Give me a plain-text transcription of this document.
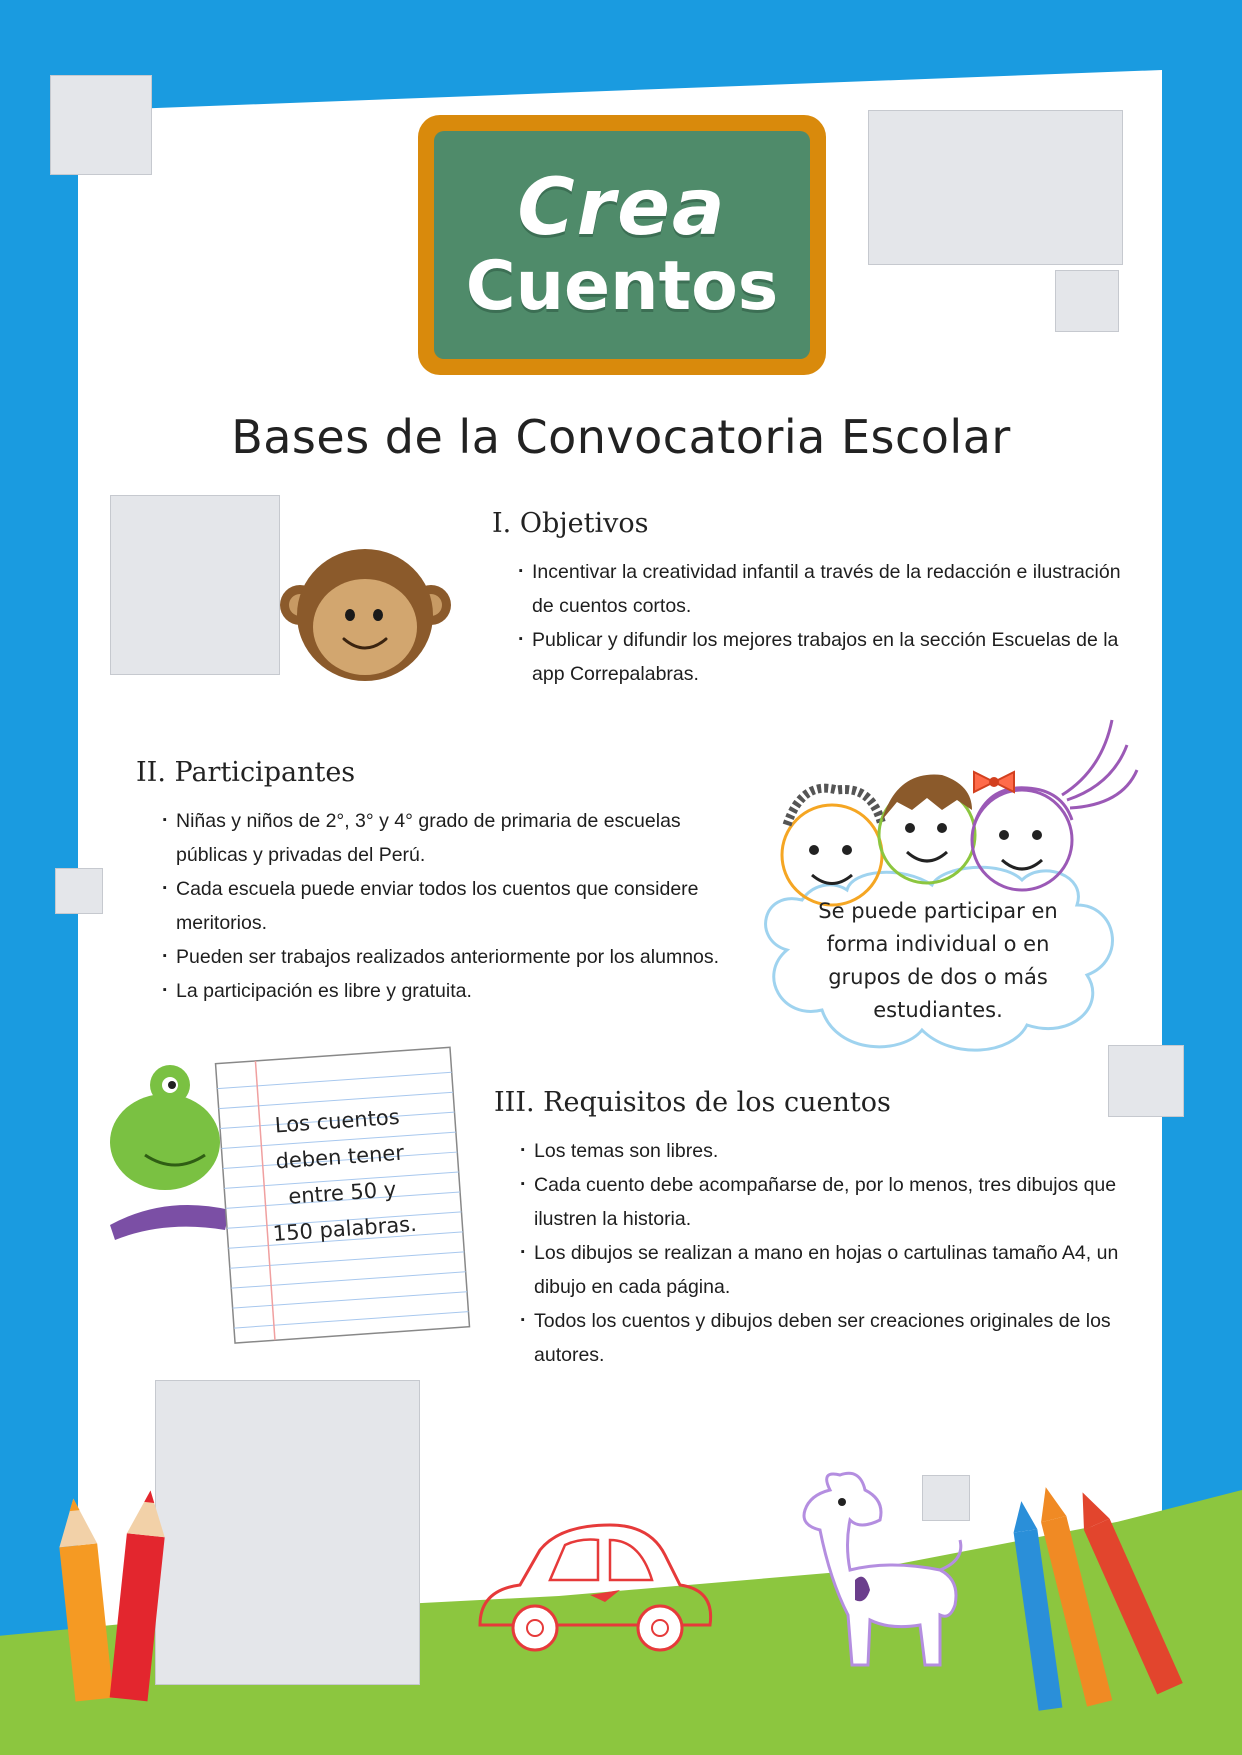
Crea
Cuentos
Bases de la Convocatoria Escolar
I. Objetivos
· Incentivar la creatividad infantil a través de la redacción e ilustración de cuentos cortos.
· Publicar y difundir los mejores trabajos en la sección Escuelas de la app Correpalabras.
II. Participantes
· Niñas y niños de 2°, 3° y 4° grado de primaria de escuelas públicas y privadas del Perú.
· Cada escuela puede enviar todos los cuentos que considere meritorios.
· Pueden ser trabajos realizados anteriormente por los alumnos.
· La participación es libre y gratuita.
Se puede participar en forma individual o en grupos de dos o más estudiantes.
Los cuentos deben tener entre 50 y 150 palabras.
III. Requisitos de los cuentos
· Los temas son libres.
· Cada cuento debe acompañarse de, por lo menos, tres dibujos que ilustren la historia.
· Los dibujos se realizan a mano en hojas o cartulinas tamaño A4, un dibujo en cada página.
· Todos los cuentos y dibujos deben ser creaciones originales de los autores.
